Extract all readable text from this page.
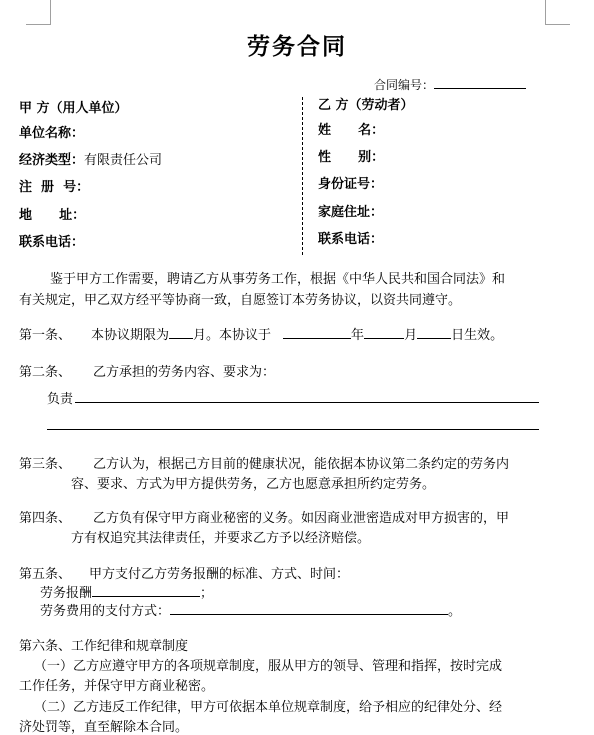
劳务合同
合同编号：
甲 方（用人单位）
单位名称：
经济类型：有限责任公司
注  册  号：
地      址：
联系电话：
乙 方（劳动者）
姓      名：
性      别：
身份证号：
家庭住址：
联系电话：
鉴于甲方工作需要，聘请乙方从事劳务工作，根据《中华人民共和国合同法》和
有关规定，甲乙双方经平等协商一致，自愿签订本劳务协议，以资共同遵守。
第一条、 本协议期限为 月。本协议于	年	月	日生效。
第二条、 乙方承担的劳务内容、要求为：
负责
第三条、 乙方认为，根据己方目前的健康状况，能依据本协议第二条约定的劳务内
容、要求、方式为甲方提供劳务，乙方也愿意承担所约定劳务。
第四条、 乙方负有保守甲方商业秘密的义务。如因商业泄密造成对甲方损害的，甲
方有权追究其法律责任，并要求乙方予以经济赔偿。
第五条、 甲方支付乙方劳务报酬的标准、方式、时间：
劳务报酬	；
劳务费用的支付方式：	。
第六条、工作纪律和规章制度
（一）乙方应遵守甲方的各项规章制度，服从甲方的领导、管理和指挥，按时完成
工作任务，并保守甲方商业秘密。
（二）乙方违反工作纪律，甲方可依据本单位规章制度，给予相应的纪律处分、经
济处罚等，直至解除本合同。
